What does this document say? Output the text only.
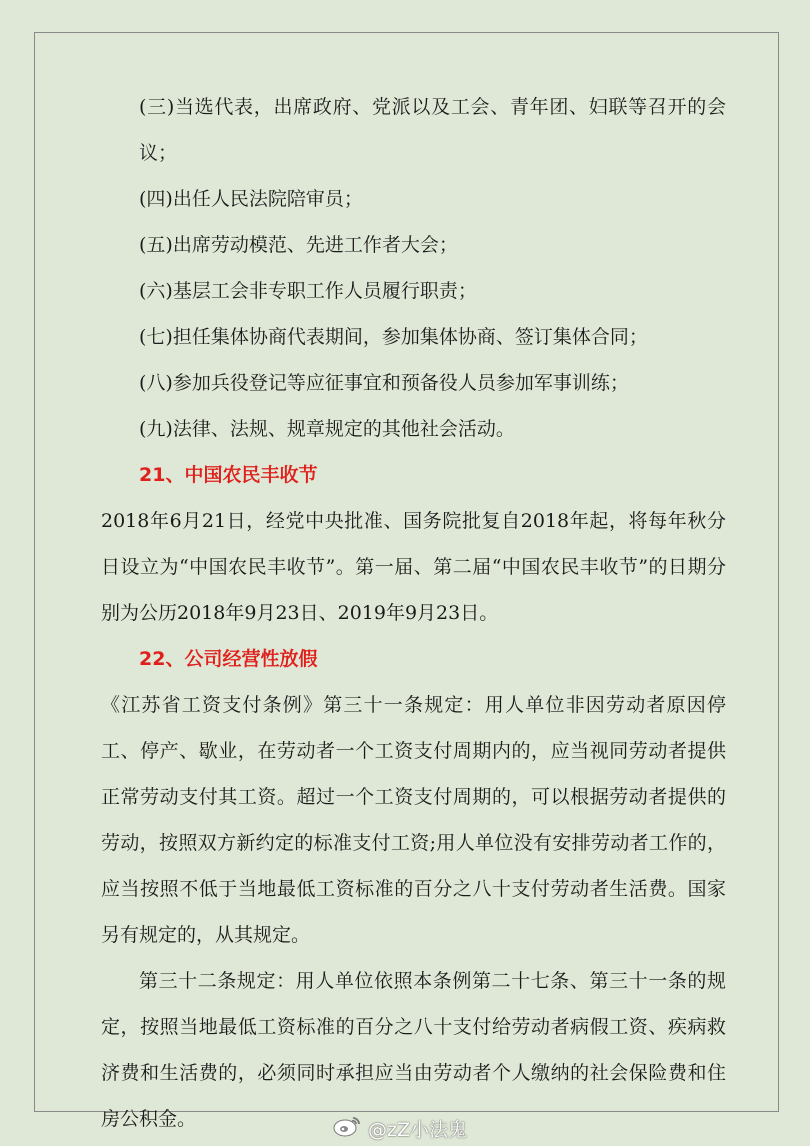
(三)当选代表，出席政府、党派以及工会、青年团、妇联等召开的会议；

(四)出任人民法院陪审员；

(五)出席劳动模范、先进工作者大会；

(六)基层工会非专职工作人员履行职责；

(七)担任集体协商代表期间，参加集体协商、签订集体合同；

(八)参加兵役登记等应征事宜和预备役人员参加军事训练；

(九)法律、法规、规章规定的其他社会活动。

21、中国农民丰收节

2018年6月21日，经党中央批准、国务院批复自2018年起，将每年秋分日设立为“中国农民丰收节”。第一届、第二届“中国农民丰收节”的日期分别为公历2018年9月23日、2019年9月23日。

22、公司经营性放假

《江苏省工资支付条例》第三十一条规定：用人单位非因劳动者原因停工、停产、歇业，在劳动者一个工资支付周期内的，应当视同劳动者提供正常劳动支付其工资。超过一个工资支付周期的，可以根据劳动者提供的劳动，按照双方新约定的标准支付工资;用人单位没有安排劳动者工作的，应当按照不低于当地最低工资标准的百分之八十支付劳动者生活费。国家另有规定的，从其规定。

第三十二条规定：用人单位依照本条例第二十七条、第三十一条的规定，按照当地最低工资标准的百分之八十支付给劳动者病假工资、疾病救济费和生活费的，必须同时承担应当由劳动者个人缴纳的社会保险费和住房公积金。	@zZ小法鬼
